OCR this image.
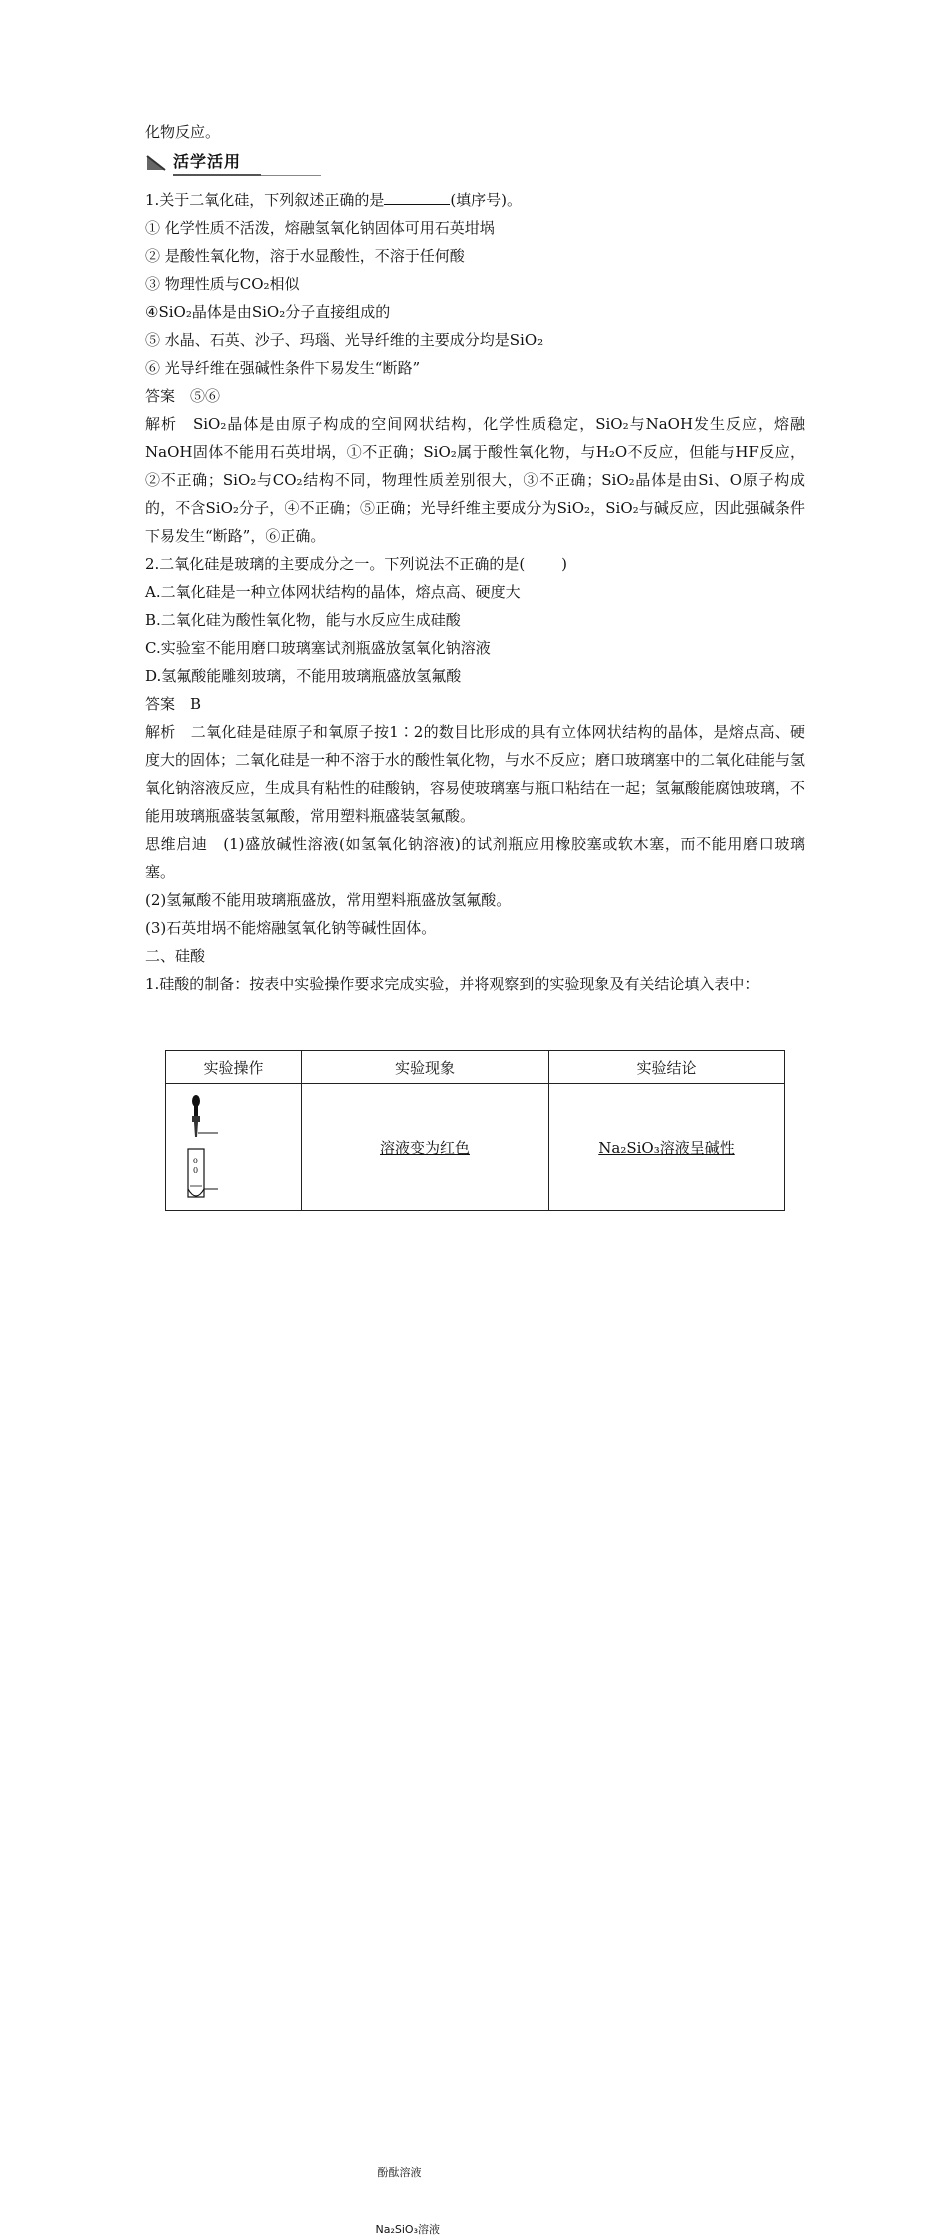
化物反应。
活学活用
1.关于二氧化硅，下列叙述正确的是	(填序号)。
① 化学性质不活泼，熔融氢氧化钠固体可用石英坩埚
② 是酸性氧化物，溶于水显酸性，不溶于任何酸
③ 物理性质与CO₂相似
④SiO₂晶体是由SiO₂分子直接组成的
⑤ 水晶、石英、沙子、玛瑙、光导纤维的主要成分均是SiO₂
⑥ 光导纤维在强碱性条件下易发生“断路”
答案　⑤⑥
解析　SiO₂晶体是由原子构成的空间网状结构，化学性质稳定，SiO₂与NaOH发生反应，熔融NaOH固体不能用石英坩埚，①不正确；SiO₂属于酸性氧化物，与H₂O不反应，但能与HF反应，②不正确；SiO₂与CO₂结构不同，物理性质差别很大，③不正确；SiO₂晶体是由Si、O原子构成的，不含SiO₂分子，④不正确；⑤正确；光导纤维主要成分为SiO₂，SiO₂与碱反应，因此强碱条件下易发生“断路”，⑥正确。
2.二氧化硅是玻璃的主要成分之一。下列说法不正确的是( )
A.二氧化硅是一种立体网状结构的晶体，熔点高、硬度大
B.二氧化硅为酸性氧化物，能与水反应生成硅酸
C.实验室不能用磨口玻璃塞试剂瓶盛放氢氧化钠溶液
D.氢氟酸能雕刻玻璃，不能用玻璃瓶盛放氢氟酸
答案　B
解析　二氧化硅是硅原子和氧原子按1∶2的数目比形成的具有立体网状结构的晶体，是熔点高、硬度大的固体；二氧化硅是一种不溶于水的酸性氧化物，与水不反应；磨口玻璃塞中的二氧化硅能与氢氧化钠溶液反应，生成具有粘性的硅酸钠，容易使玻璃塞与瓶口粘结在一起；氢氟酸能腐蚀玻璃，不能用玻璃瓶盛装氢氟酸，常用塑料瓶盛装氢氟酸。
思维启迪　(1)盛放碱性溶液(如氢氧化钠溶液)的试剂瓶应用橡胶塞或软木塞，而不能用磨口玻璃塞。
(2)氢氟酸不能用玻璃瓶盛放，常用塑料瓶盛放氢氟酸。
(3)石英坩埚不能熔融氢氧化钠等碱性固体。
二、硅酸
1.硅酸的制备：按表中实验操作要求完成实验，并将观察到的实验现象及有关结论填入表中：
实验操作	实验现象	实验结论

o
0
酚酞溶液
Na₂SiO₃溶液	溶液变为红色	Na₂SiO₃溶液呈碱性
